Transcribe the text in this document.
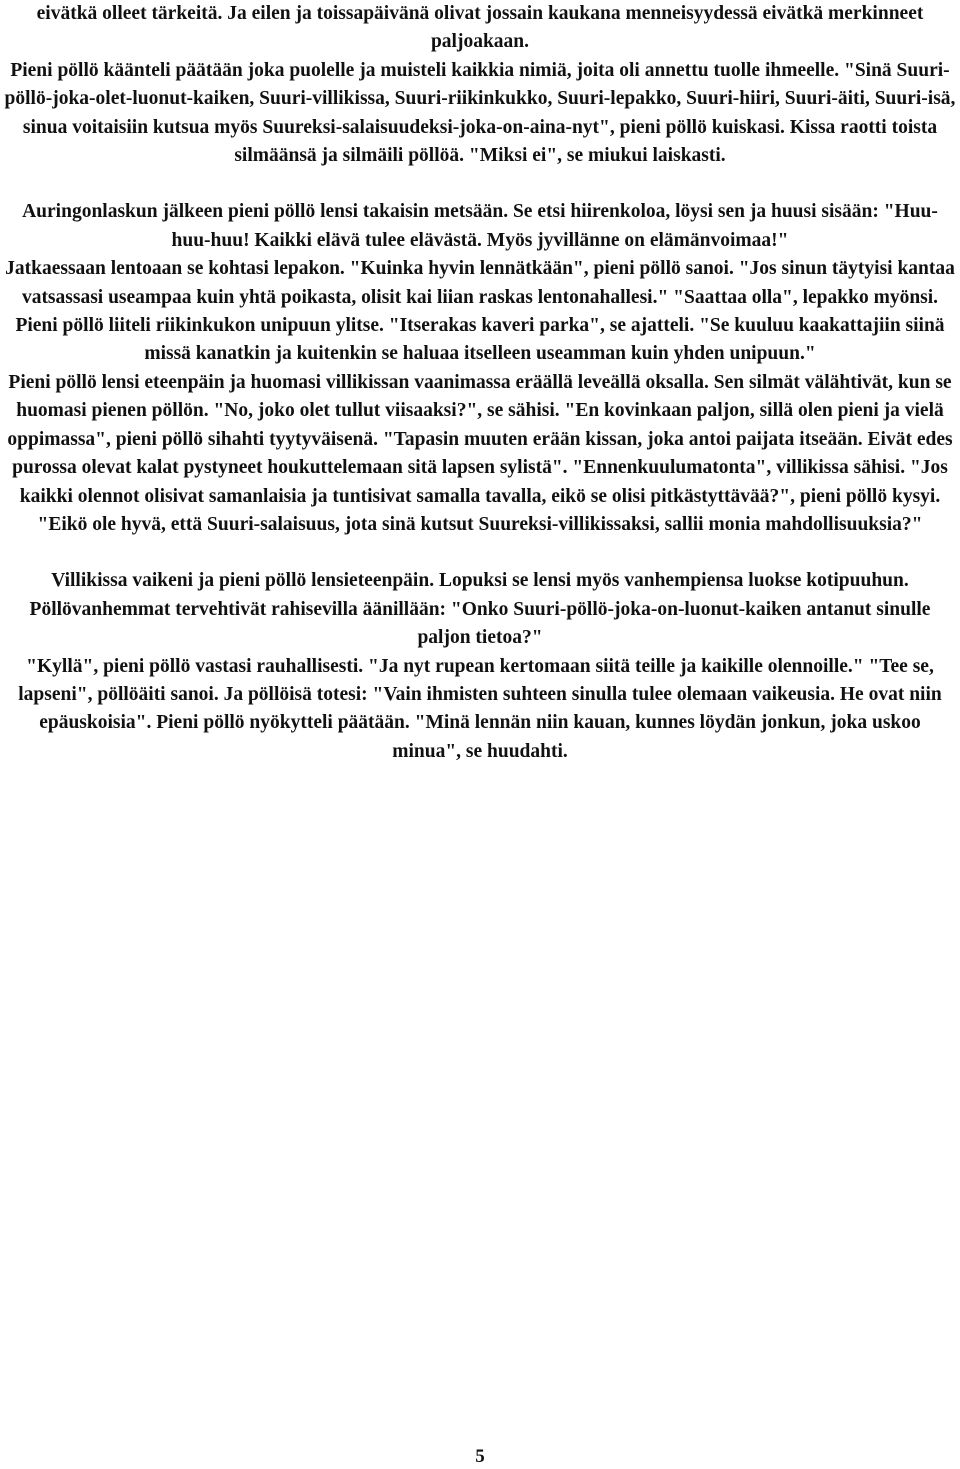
eivätkä olleet tärkeitä. Ja eilen ja toissapäivänä olivat jossain kaukana menneisyydessä eivätkä merkinneet paljoakaan.

Pieni pöllö käänteli päätään joka puolelle ja muisteli kaikkia nimiä, joita oli annettu tuolle ihmeelle. "Sinä Suuri-pöllö-joka-olet-luonut-kaiken, Suuri-villikissa, Suuri-riikinkukko, Suuri-lepakko, Suuri-hiiri, Suuri-äiti, Suuri-isä, sinua voitaisiin kutsua myös Suureksi-salaisuudeksi-joka-on-aina-nyt", pieni pöllö kuiskasi. Kissa raotti toista silmäänsä ja silmäili pöllöä. "Miksi ei", se miukui laiskasti.

Auringonlaskun jälkeen pieni pöllö lensi takaisin metsään. Se etsi hiirenkoloa, löysi sen ja huusi sisään: "Huu-huu-huu! Kaikki elävä tulee elävästä. Myös jyvillänne on elämänvoimaa!"

Jatkaessaan lentoaan se kohtasi lepakon. "Kuinka hyvin lennätkään", pieni pöllö sanoi. "Jos sinun täytyisi kantaa vatsassasi useampaa kuin yhtä poikasta, olisit kai liian raskas lentonahallesi." "Saattaa olla", lepakko myönsi.

Pieni pöllö liiteli riikinkukon unipuun ylitse. "Itserakas kaveri parka", se ajatteli. "Se kuuluu kaakattajiin siinä missä kanatkin ja kuitenkin se haluaa itselleen useamman kuin yhden unipuun."

Pieni pöllö lensi eteenpäin ja huomasi villikissan vaanimassa eräällä leveällä oksalla. Sen silmät välähtivät, kun se huomasi pienen pöllön. "No, joko olet tullut viisaaksi?", se sähisi. "En kovinkaan paljon, sillä olen pieni ja vielä oppimassa", pieni pöllö sihahti tyytyväisenä. "Tapasin muuten erään kissan, joka antoi paijata itseään. Eivät edes purossa olevat kalat pystyneet houkuttelemaan sitä lapsen sylistä". "Ennenkuulumatonta", villikissa sähisi. "Jos kaikki olennot olisivat samanlaisia ja tuntisivat samalla tavalla, eikö se olisi pitkästyttävää?", pieni pöllö kysyi. "Eikö ole hyvä, että Suuri-salaisuus, jota sinä kutsut Suureksi-villikissaksi, sallii monia mahdollisuuksia?"

Villikissa vaikeni ja pieni pöllö lensieteenpäin. Lopuksi se lensi myös vanhempiensa luokse kotipuuhun. Pöllövanhemmat tervehtivät rahisevilla äänillään: "Onko Suuri-pöllö-joka-on-luonut-kaiken antanut sinulle paljon tietoa?"

"Kyllä", pieni pöllö vastasi rauhallisesti. "Ja nyt rupean kertomaan siitä teille ja kaikille olennoille." "Tee se, lapseni", pöllöäiti sanoi. Ja pöllöisä totesi: "Vain ihmisten suhteen sinulla tulee olemaan vaikeusia. He ovat niin epäuskoisia". Pieni pöllö nyökytteli päätään. "Minä lennän niin kauan, kunnes löydän jonkun, joka uskoo minua", se huudahti.

5
